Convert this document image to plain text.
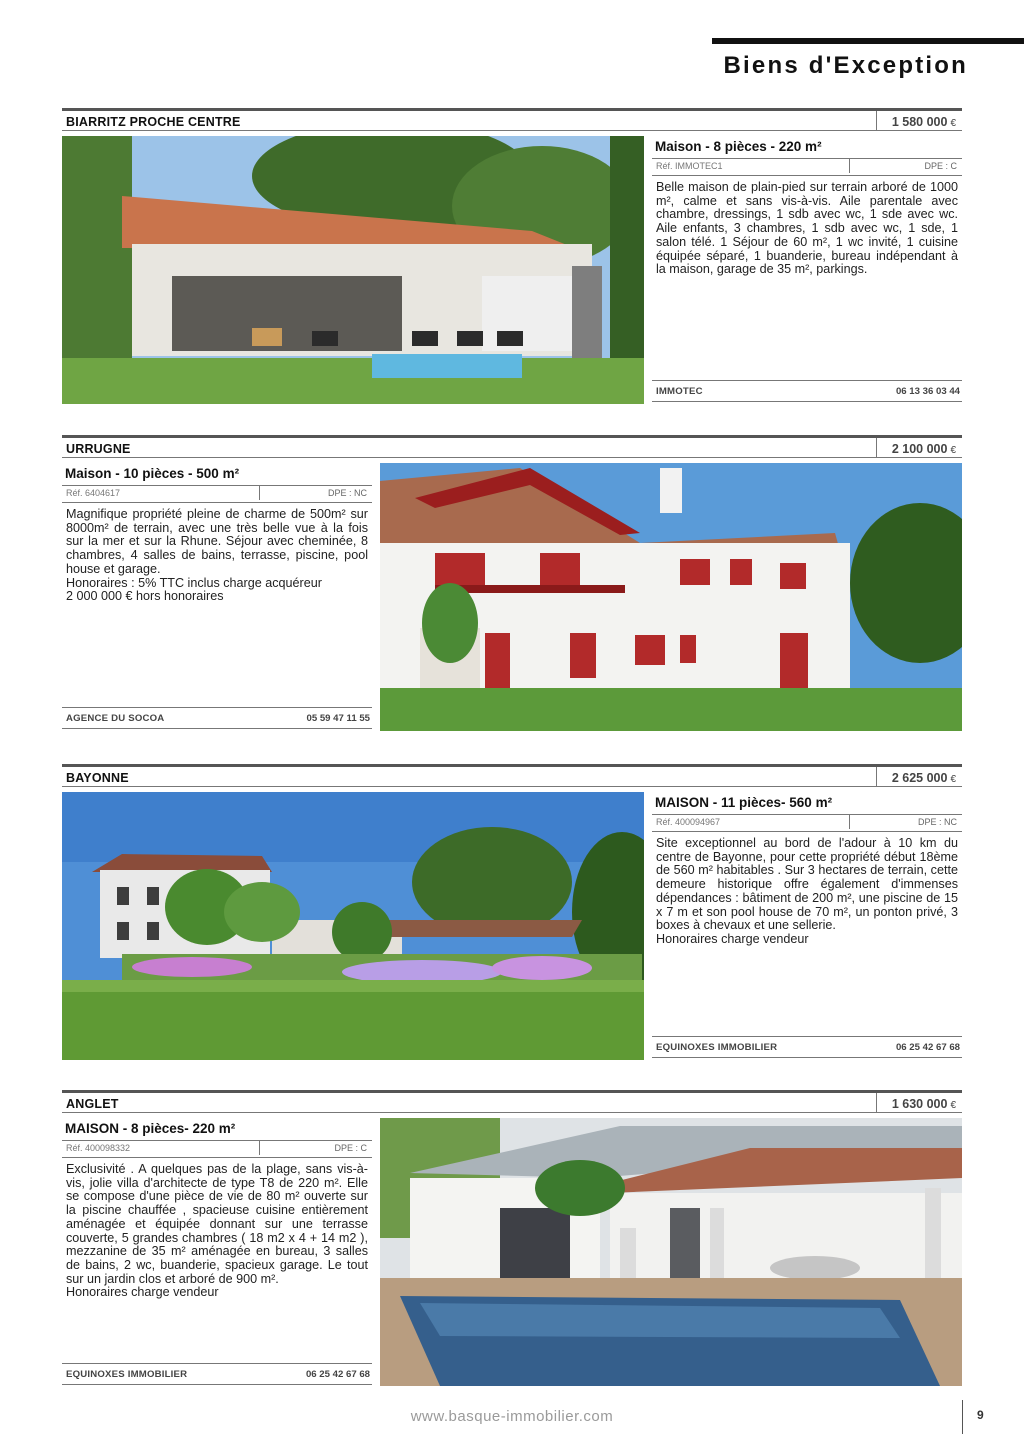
Biens d'Exception
BIARRITZ PROCHE CENTRE	1 580 000 €
Maison - 8 pièces - 220 m²
Réf. IMMOTEC1	DPE : C

Belle maison de plain-pied sur terrain arboré de 1000 m², calme et sans vis-à-vis. Aile parentale avec chambre, dressings, 1 sdb avec wc, 1 sde avec wc. Aile enfants, 3 chambres, 1 sdb avec wc, 1 sde, 1 salon télé. 1 Séjour de 60 m², 1 wc invité, 1 cuisine équipée séparé, 1 buanderie, bureau indépendant à la maison, garage de 35 m², parkings.

IMMOTEC	06 13 36 03 44
URRUGNE	2 100 000 €
Maison - 10 pièces - 500 m²
Réf. 6404617	DPE : NC

Magnifique propriété pleine de charme de 500m² sur 8000m² de terrain, avec une très belle vue à la fois sur la mer et sur la Rhune. Séjour avec cheminée, 8 chambres, 4 salles de bains, terrasse, piscine, pool house et garage.

Honoraires : 5% TTC inclus charge acquéreur

2 000 000 € hors honoraires

AGENCE DU SOCOA	05 59 47 11 55
BAYONNE	2 625 000 €
MAISON - 11 pièces- 560 m²
Réf. 400094967	DPE : NC

Site exceptionnel au bord de l'adour à 10 km du centre de Bayonne, pour cette propriété début 18ème de 560 m² habitables . Sur 3 hectares de terrain, cette demeure historique offre également d'immenses dépendances : bâtiment de 200 m², une piscine de 15 x 7 m et son pool house de 70 m², un ponton privé, 3 boxes à chevaux et une sellerie.

Honoraires charge vendeur

EQUINOXES IMMOBILIER	06 25 42 67 68
ANGLET	1 630 000 €
MAISON - 8 pièces- 220 m²
Réf. 400098332	DPE : C

Exclusivité . A quelques pas de la plage, sans vis-à-vis, jolie villa d'architecte de type T8 de 220 m². Elle se compose d'une pièce de vie de 80 m² ouverte sur la piscine chauffée , spacieuse cuisine entièrement aménagée et équipée donnant sur une terrasse couverte, 5 grandes chambres ( 18 m2 x 4 + 14 m2 ), mezzanine de 35 m² aménagée en bureau, 3 salles de bains, 2 wc, buanderie, spacieux garage. Le tout sur un jardin clos et arboré de 900 m².

Honoraires charge vendeur

EQUINOXES IMMOBILIER	06 25 42 67 68
www.basque-immobilier.com	9
